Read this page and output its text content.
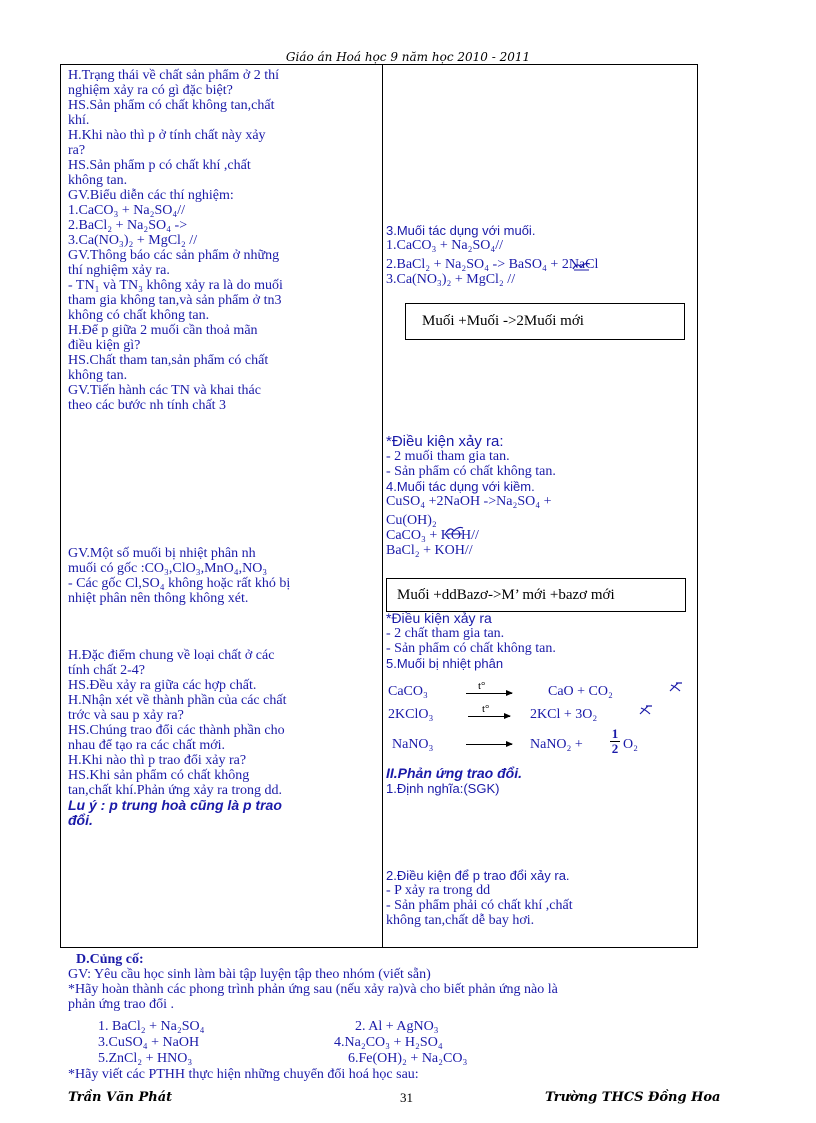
Giáo án Hoá học 9 năm học 2010 - 2011
H.Trạng thái về chất sản phẩm ở 2 thí
nghiệm xảy ra có gì đặc biệt?
HS.Sản phẩm có chất không tan,chất
khí.
H.Khi nào thì p ở tính chất này xảy
ra?
HS.Sản phẩm p có chất khí ,chất
không tan.
GV.Biểu diễn các thí nghiệm:
1.CaCO₃ + Na₂SO₄//
2.BaCl₂ + Na₂SO₄ ->
3.Ca(NO₃)₂ + MgCl₂ //
GV.Thông báo các sản phẩm ở những
thí nghiệm xảy ra.
- TN₁ và TN₃ không xảy ra là do muối
tham gia không tan,và sản phẩm ở tn3
không có chất không tan.
H.Để p giữa 2 muối cần thoả mãn
điều kiện gì?
HS.Chất tham tan,sản phẩm có chất
không tan.
GV.Tiến hành các TN và khai thác
theo các bước nh tính chất 3
GV.Một số muối bị nhiệt phân nh
muối có gốc :CO₃,ClO₃,MnO₄,NO₃
- Các gốc Cl,SO₄ không hoặc rất khó bị
nhiệt phân nên thông không xét.
H.Đặc điểm chung về loại chất ở các
tính chất 2-4?
HS.Đều xảy ra giữa các hợp chất.
H.Nhận xét về thành phần của các chất
trớc và sau p xảy ra?
HS.Chúng trao đổi các thành phần cho
nhau để tạo ra các chất mới.
H.Khi nào thì p trao đổi xảy ra?
HS.Khi sản phẩm có chất không
tan,chất khí.Phản ứng xảy ra trong dd.
Lu ý : p trung hoà cũng là p trao
đổi.
3.Muối tác dụng với muối.
1.CaCO₃ + Na₂SO₄//
2.BaCl₂ + Na₂SO₄ -> BaSO₄ + 2NaCl
3.Ca(NO₃)₂ + MgCl₂ //
Muối +Muối ->2Muối mới
*Điều kiện xảy ra:
- 2 muối tham gia tan.
- Sản phẩm có chất không tan.
4.Muối tác dụng với kiềm.
CuSO₄ +2NaOH ->Na₂SO₄ +
Cu(OH)₂
CaCO₃ + KOH//
BaCl₂ + KOH//
Muối +ddBazơ->M’ mới +bazơ mới
*Điều kiện xảy ra
- 2 chất tham gia tan.
- Sản phẩm có chất không tan.
5.Muối bị nhiệt phân
CaCO₃	t°	CaO + CO₂
2KClO₃	t°	2KCl + 3O₂
NaNO₃	NaNO₂ +
1
2 O₂
II.Phản ứng trao đổi.
1.Định nghĩa:(SGK)
2.Điều kiện để p trao đổi xảy ra.
- P xảy ra trong dd
- Sản phẩm phải có chất khí ,chất
không tan,chất dễ bay hơi.
D.Củng cố:
GV: Yêu cầu học sinh làm bài tập luyện tập theo nhóm (viết sẵn)
*Hãy hoàn thành các phong trình phản ứng sau (nếu xảy ra)và cho biết phản ứng nào là
phản ứng trao đổi .
1. BaCl₂ + Na₂SO₄	2. Al + AgNO₃
3.CuSO₄ + NaOH	4.Na₂CO₃ + H₂SO₄
5.ZnCl₂ + HNO₃	6.Fe(OH)₂ + Na₂CO₃
*Hãy viết các PTHH thực hiện những chuyển đổi hoá học sau:
Trần Văn Phát	31	Trường THCS Đồng Hoa
